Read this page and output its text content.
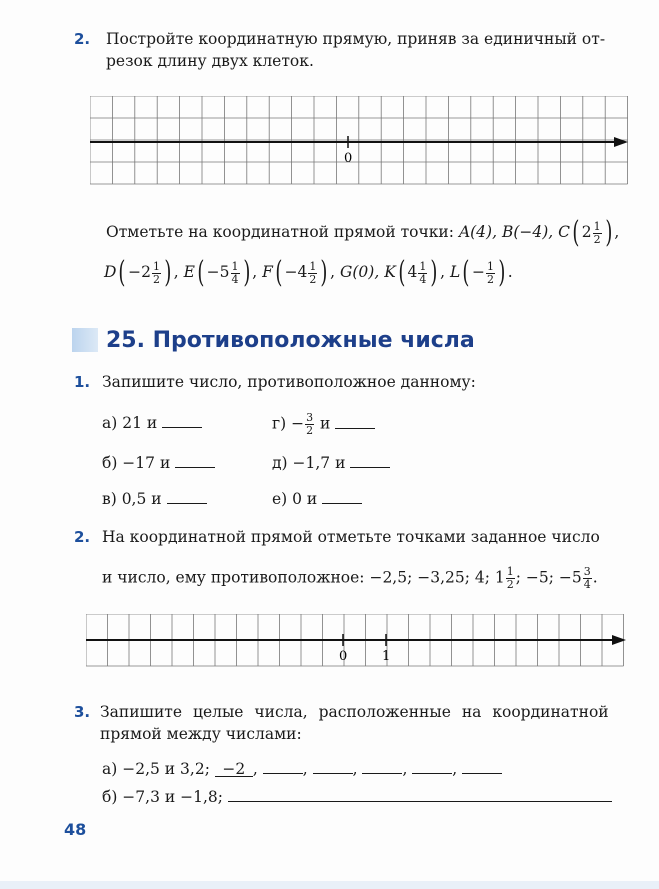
2. Постройте координатную прямую, приняв за единичный от-
резок длину двух клеток.
0
Отметьте на координатной прямой точки: A(4), B(−4), C( $2 \frac{1}{2}$ ) ,
$D( -2 \frac{1}{2}$ ) , $E( -5 \frac{1}{4}$ ) , $F( -4 \frac{1}{2}$ ) , G(0), K( $4 \frac{1}{4}$ ) , $L( - \frac{1}{2}$ ) .
25. Противоположные числа
1. Запишите число, противоположное данному:
а) 21 и
б) −17 и
в) 0,5 и
$г) - \frac{3}{2}$ и
д) −1,7 и
е) 0 и
2. На координатной прямой отметьте точками заданное число
и число, ему противоположное: −2,5; −3,25; 4; $1 \frac{1}{2}$ ; −5; $-5 \frac{3}{4}$ .
0	1
3. Запишите целые числа, расположенные на координатной
прямой между числами:
а) −2,5 и 3,2; −2 ,	,	,	,	,
б) −7,3 и −1,8;
48
